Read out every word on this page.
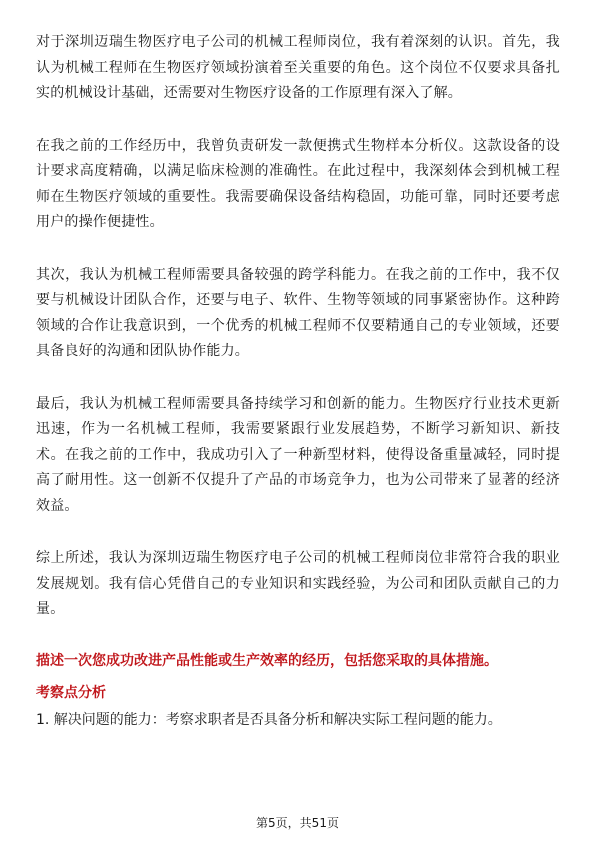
对于深圳迈瑞生物医疗电子公司的机械工程师岗位，我有着深刻的认识。首先，我认为机械工程师在生物医疗领域扮演着至关重要的角色。这个岗位不仅要求具备扎实的机械设计基础，还需要对生物医疗设备的工作原理有深入了解。

在我之前的工作经历中，我曾负责研发一款便携式生物样本分析仪。这款设备的设计要求高度精确，以满足临床检测的准确性。在此过程中，我深刻体会到机械工程师在生物医疗领域的重要性。我需要确保设备结构稳固，功能可靠，同时还要考虑用户的操作便捷性。

其次，我认为机械工程师需要具备较强的跨学科能力。在我之前的工作中，我不仅要与机械设计团队合作，还要与电子、软件、生物等领域的同事紧密协作。这种跨领域的合作让我意识到，一个优秀的机械工程师不仅要精通自己的专业领域，还要具备良好的沟通和团队协作能力。

最后，我认为机械工程师需要具备持续学习和创新的能力。生物医疗行业技术更新迅速，作为一名机械工程师，我需要紧跟行业发展趋势，不断学习新知识、新技术。在我之前的工作中，我成功引入了一种新型材料，使得设备重量减轻，同时提高了耐用性。这一创新不仅提升了产品的市场竞争力，也为公司带来了显著的经济效益。

综上所述，我认为深圳迈瑞生物医疗电子公司的机械工程师岗位非常符合我的职业发展规划。我有信心凭借自己的专业知识和实践经验，为公司和团队贡献自己的力量。

描述一次您成功改进产品性能或生产效率的经历，包括您采取的具体措施。

考察点分析

1. 解决问题的能力：考察求职者是否具备分析和解决实际工程问题的能力。

第5页，共51页
